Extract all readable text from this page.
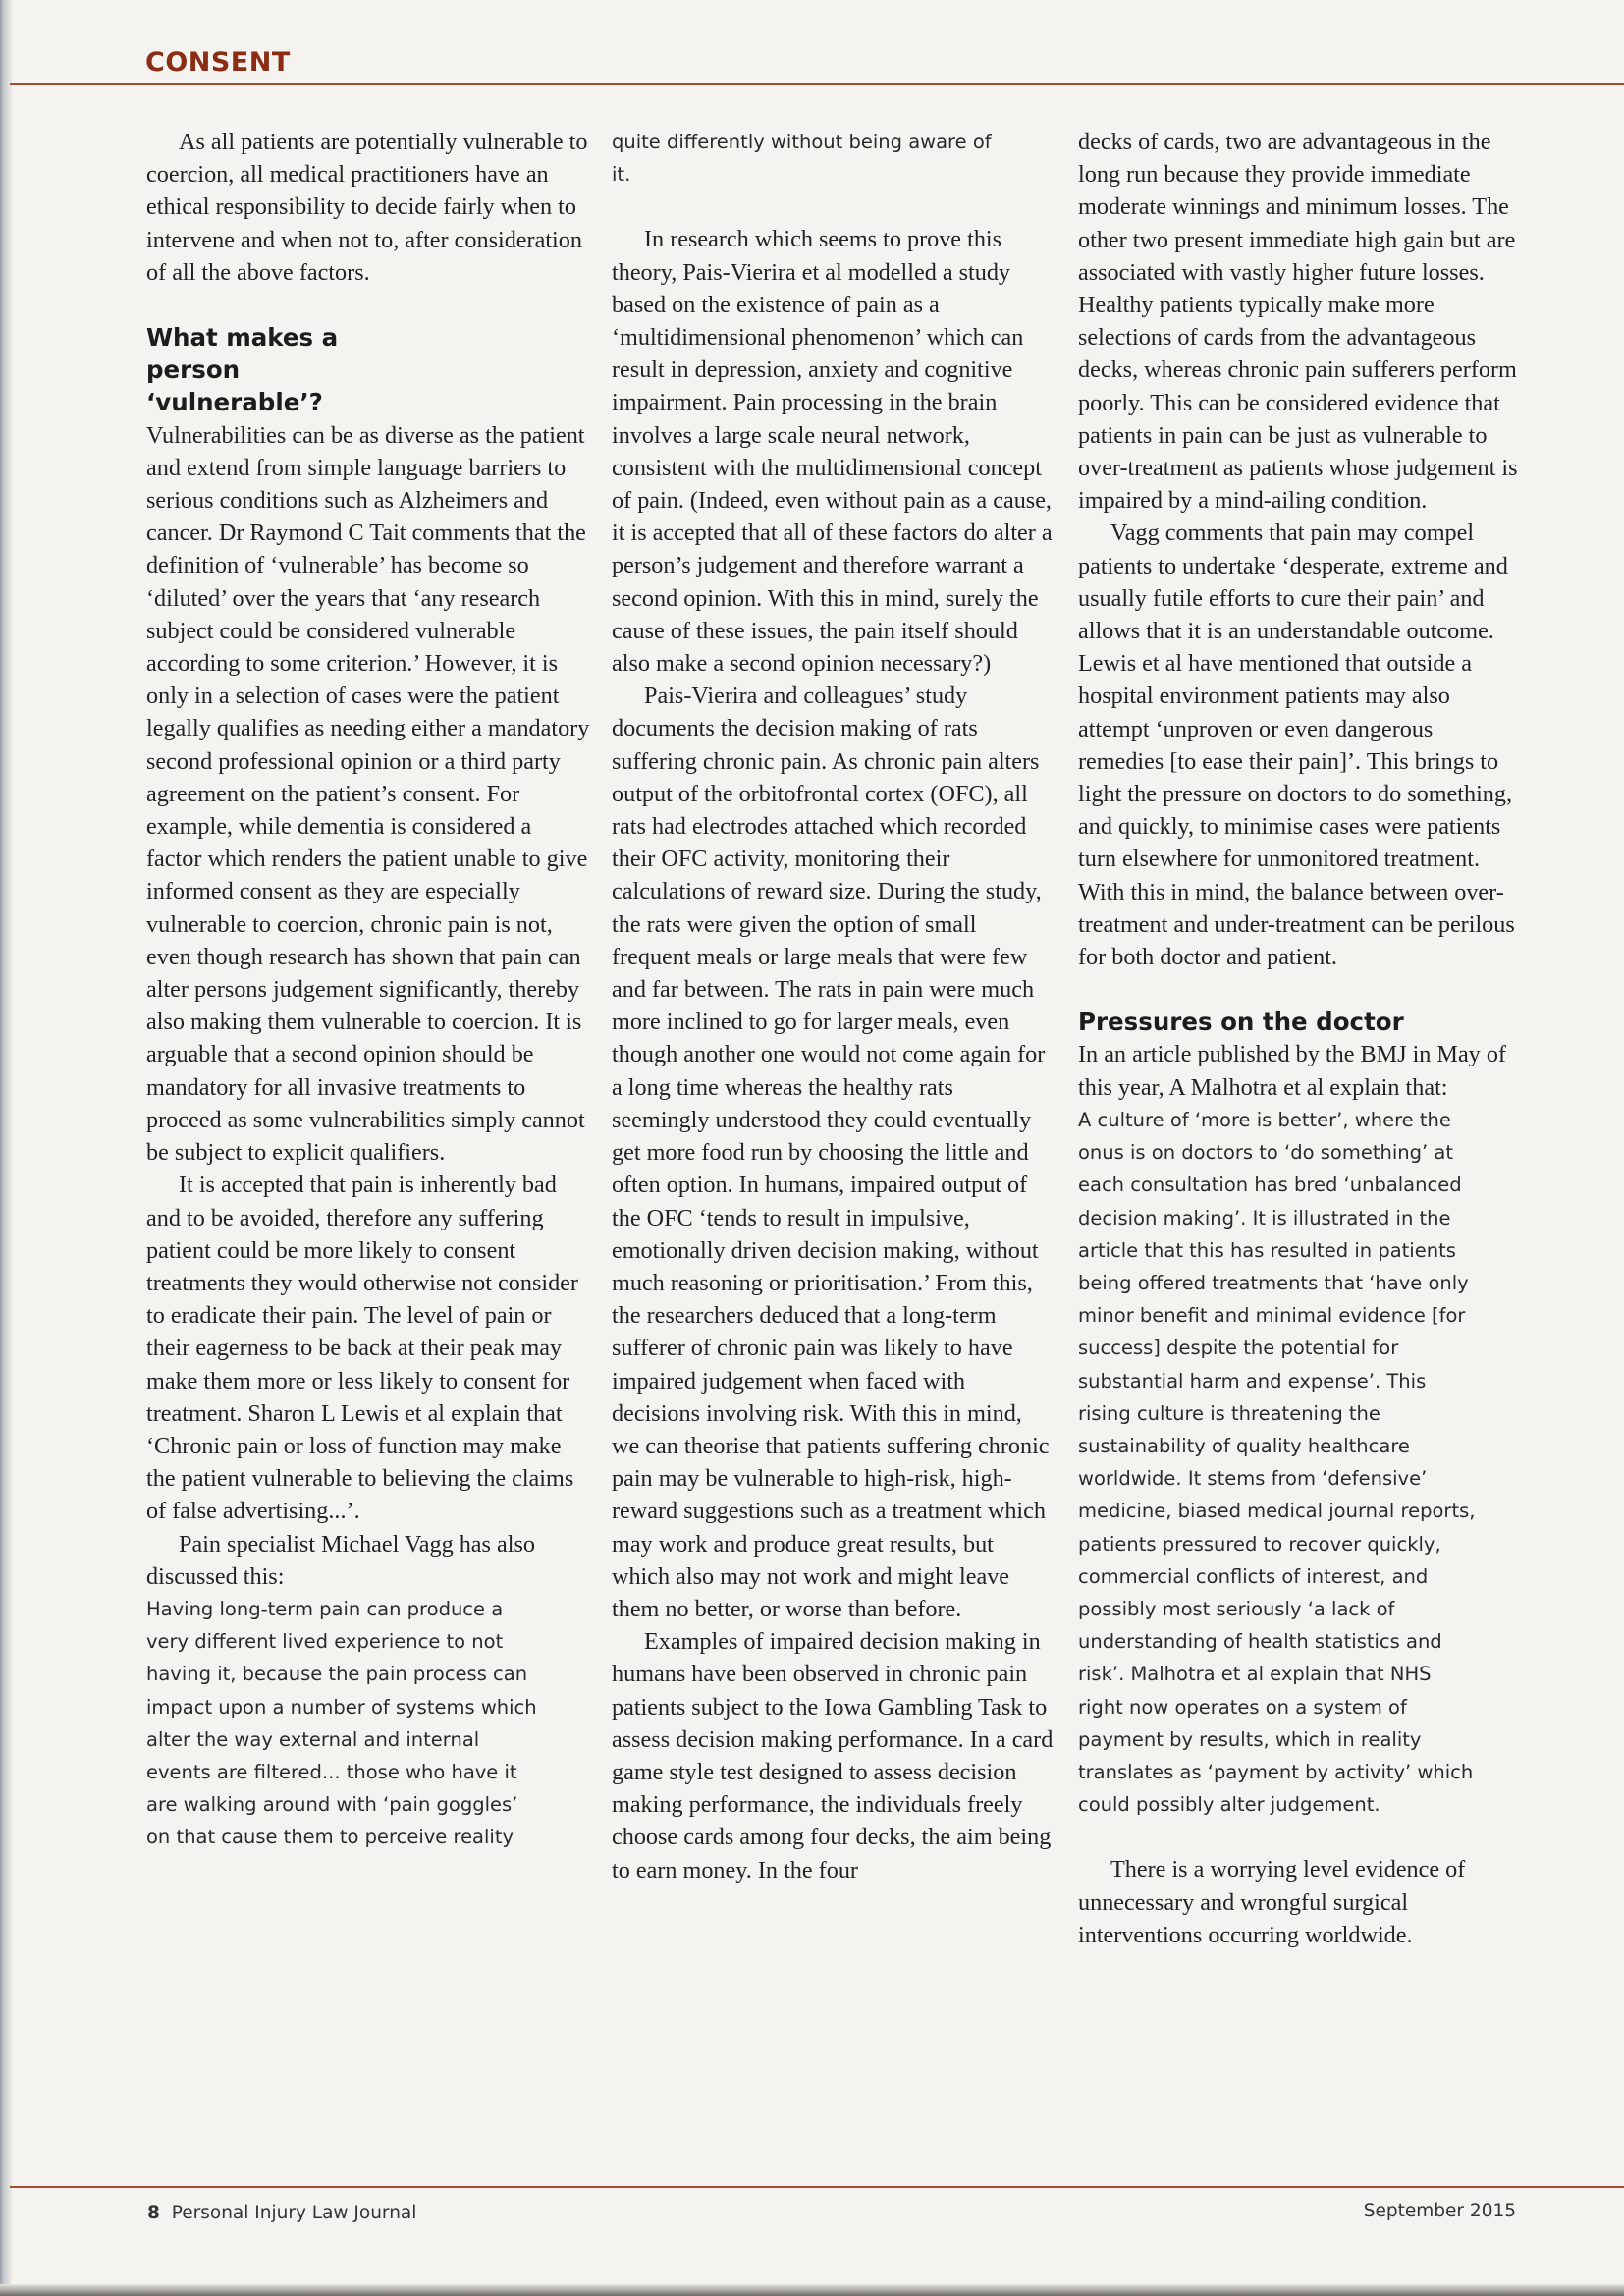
CONSENT

As all patients are potentially vulnerable to coercion, all medical practitioners have an ethical responsibility to decide fairly when to intervene and when not to, after consideration of all the above factors.

What makes a person ‘vulnerable’?

Vulnerabilities can be as diverse as the patient and extend from simple language barriers to serious conditions such as Alzheimers and cancer. Dr Raymond C Tait comments that the definition of ‘vulnerable’ has become so ‘diluted’ over the years that ‘any research subject could be considered vulnerable according to some criterion.’ However, it is only in a selection of cases were the patient legally qualifies as needing either a mandatory second professional opinion or a third party agreement on the patient’s consent. For example, while dementia is considered a factor which renders the patient unable to give informed consent as they are especially vulnerable to coercion, chronic pain is not, even though research has shown that pain can alter persons judgement significantly, thereby also making them vulnerable to coercion. It is arguable that a second opinion should be mandatory for all invasive treatments to proceed as some vulnerabilities simply cannot be subject to explicit qualifiers.

It is accepted that pain is inherently bad and to be avoided, therefore any suffering patient could be more likely to consent treatments they would otherwise not consider to eradicate their pain. The level of pain or their eagerness to be back at their peak may make them more or less likely to consent for treatment. Sharon L Lewis et al explain that ‘Chronic pain or loss of function may make the patient vulnerable to believing the claims of false advertising...’.

Pain specialist Michael Vagg has also discussed this:

Having long-term pain can produce a very different lived experience to not having it, because the pain process can impact upon a number of systems which alter the way external and internal events are filtered... those who have it are walking around with ‘pain goggles’ on that cause them to perceive reality

quite differently without being aware of it.

In research which seems to prove this theory, Pais-Vierira et al modelled a study based on the existence of pain as a ‘multidimensional phenomenon’ which can result in depression, anxiety and cognitive impairment. Pain processing in the brain involves a large scale neural network, consistent with the multidimensional concept of pain. (Indeed, even without pain as a cause, it is accepted that all of these factors do alter a person’s judgement and therefore warrant a second opinion. With this in mind, surely the cause of these issues, the pain itself should also make a second opinion necessary?)

Pais-Vierira and colleagues’ study documents the decision making of rats suffering chronic pain. As chronic pain alters output of the orbitofrontal cortex (OFC), all rats had electrodes attached which recorded their OFC activity, monitoring their calculations of reward size. During the study, the rats were given the option of small frequent meals or large meals that were few and far between. The rats in pain were much more inclined to go for larger meals, even though another one would not come again for a long time whereas the healthy rats seemingly understood they could eventually get more food run by choosing the little and often option. In humans, impaired output of the OFC ‘tends to result in impulsive, emotionally driven decision making, without much reasoning or prioritisation.’ From this, the researchers deduced that a long-term sufferer of chronic pain was likely to have impaired judgement when faced with decisions involving risk. With this in mind, we can theorise that patients suffering chronic pain may be vulnerable to high-risk, high-reward suggestions such as a treatment which may work and produce great results, but which also may not work and might leave them no better, or worse than before.

Examples of impaired decision making in humans have been observed in chronic pain patients subject to the Iowa Gambling Task to assess decision making performance. In a card game style test designed to assess decision making performance, the individuals freely choose cards among four decks, the aim being to earn money. In the four

decks of cards, two are advantageous in the long run because they provide immediate moderate winnings and minimum losses. The other two present immediate high gain but are associated with vastly higher future losses. Healthy patients typically make more selections of cards from the advantageous decks, whereas chronic pain sufferers perform poorly. This can be considered evidence that patients in pain can be just as vulnerable to over-treatment as patients whose judgement is impaired by a mind-ailing condition.

Vagg comments that pain may compel patients to undertake ‘desperate, extreme and usually futile efforts to cure their pain’ and allows that it is an understandable outcome. Lewis et al have mentioned that outside a hospital environment patients may also attempt ‘unproven or even dangerous remedies [to ease their pain]’. This brings to light the pressure on doctors to do something, and quickly, to minimise cases were patients turn elsewhere for unmonitored treatment. With this in mind, the balance between over-treatment and under-treatment can be perilous for both doctor and patient.

Pressures on the doctor

In an article published by the BMJ in May of this year, A Malhotra et al explain that:

A culture of ‘more is better’, where the onus is on doctors to ‘do something’ at each consultation has bred ‘unbalanced decision making’. It is illustrated in the article that this has resulted in patients being offered treatments that ‘have only minor benefit and minimal evidence [for success] despite the potential for substantial harm and expense’. This rising culture is threatening the sustainability of quality healthcare worldwide. It stems from ‘defensive’ medicine, biased medical journal reports, patients pressured to recover quickly, commercial conflicts of interest, and possibly most seriously ‘a lack of understanding of health statistics and risk’. Malhotra et al explain that NHS right now operates on a system of payment by results, which in reality translates as ‘payment by activity’ which could possibly alter judgement.

There is a worrying level evidence of unnecessary and wrongful surgical interventions occurring worldwide.

8 Personal Injury Law Journal	September 2015
